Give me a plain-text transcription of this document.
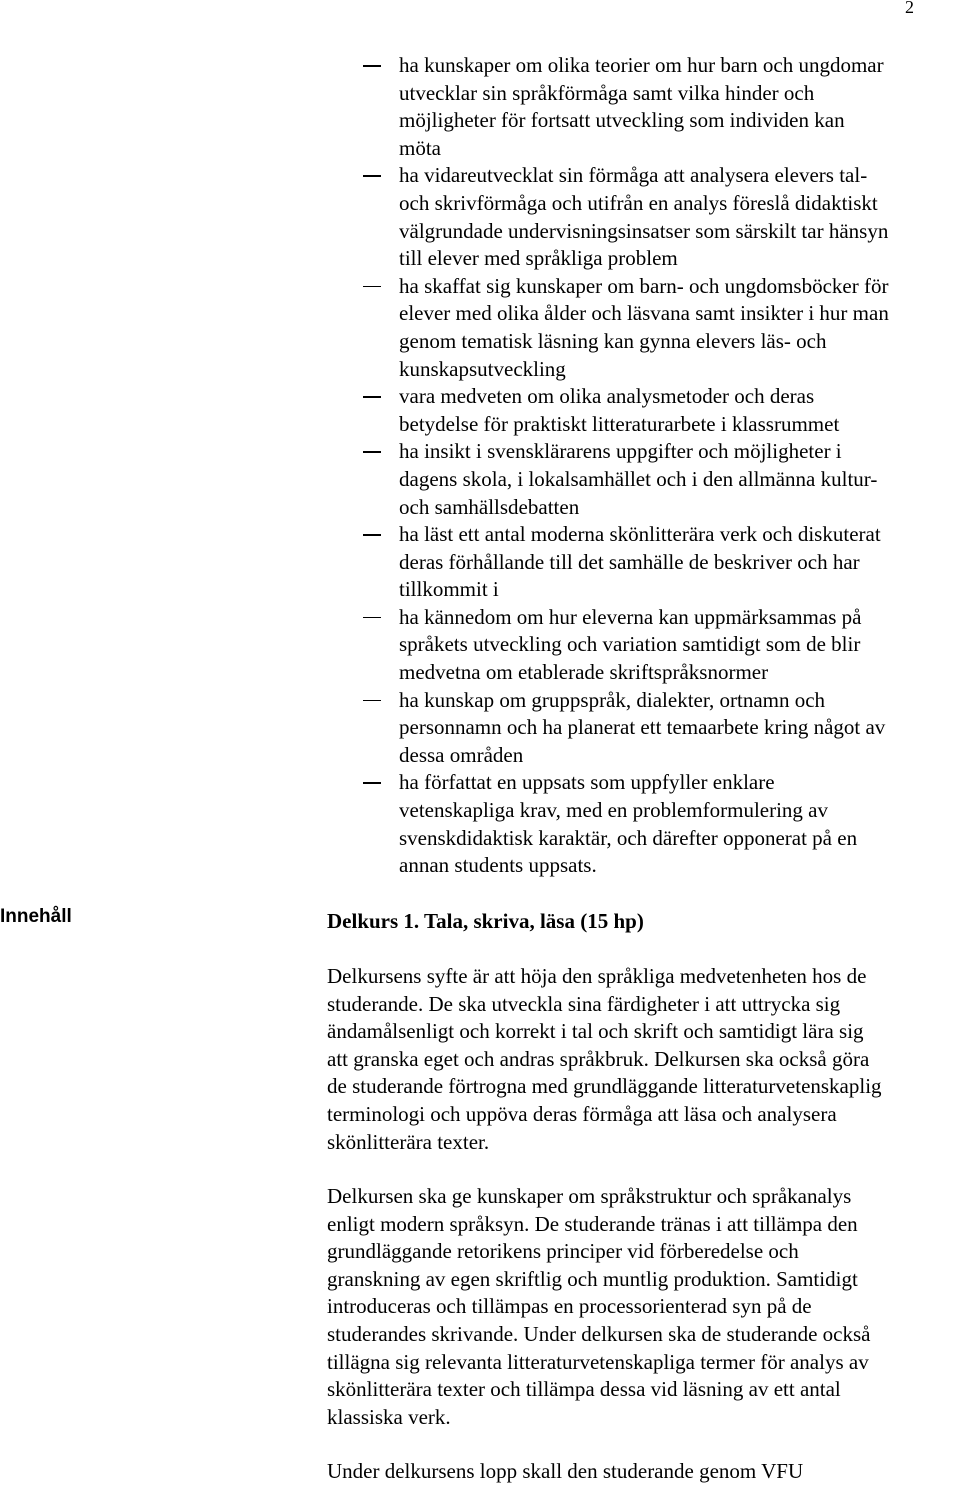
2
ha kunskaper om olika teorier om hur barn och ungdomar
utvecklar sin språkförmåga samt vilka hinder och
möjligheter för fortsatt utveckling som individen kan
möta
ha vidareutvecklat sin förmåga att analysera elevers tal-
och skrivförmåga och utifrån en analys föreslå didaktiskt
välgrundade undervisningsinsatser som särskilt tar hänsyn
till elever med språkliga problem
ha skaffat sig kunskaper om barn- och ungdomsböcker för
elever med olika ålder och läsvana samt insikter i hur man
genom tematisk läsning kan gynna elevers läs- och
kunskapsutveckling
vara medveten om olika analysmetoder och deras
betydelse för praktiskt litteraturarbete i klassrummet
ha insikt i svensklärarens uppgifter och möjligheter i
dagens skola, i lokalsamhället och i den allmänna kultur-
och samhällsdebatten
ha läst ett antal moderna skönlitterära verk och diskuterat
deras förhållande till det samhälle de beskriver och har
tillkommit i
ha kännedom om hur eleverna kan uppmärksammas på
språkets utveckling och variation samtidigt som de blir
medvetna om etablerade skriftspråksnormer
ha kunskap om gruppspråk, dialekter, ortnamn och
personnamn och ha planerat ett temaarbete kring något av
dessa områden
ha författat en uppsats som uppfyller enklare
vetenskapliga krav, med en problemformulering av
svenskdidaktisk karaktär, och därefter opponerat på en
annan students uppsats.
Innehåll	Delkurs 1. Tala, skriva, läsa (15 hp)

Delkursens syfte är att höja den språkliga medvetenheten hos de
studerande. De ska utveckla sina färdigheter i att uttrycka sig
ändamålsenligt och korrekt i tal och skrift och samtidigt lära sig
att granska eget och andras språkbruk. Delkursen ska också göra
de studerande förtrogna med grundläggande litteraturvetenskaplig
terminologi och uppöva deras förmåga att läsa och analysera
skönlitterära texter.

Delkursen ska ge kunskaper om språkstruktur och språkanalys
enligt modern språksyn. De studerande tränas i att tillämpa den
grundläggande retorikens principer vid förberedelse och
granskning av egen skriftlig och muntlig produktion. Samtidigt
introduceras och tillämpas en processorienterad syn på de
studerandes skrivande. Under delkursen ska de studerande också
tillägna sig relevanta litteraturvetenskapliga termer för analys av
skönlitterära texter och tillämpa dessa vid läsning av ett antal
klassiska verk.

Under delkursens lopp skall den studerande genom VFU
